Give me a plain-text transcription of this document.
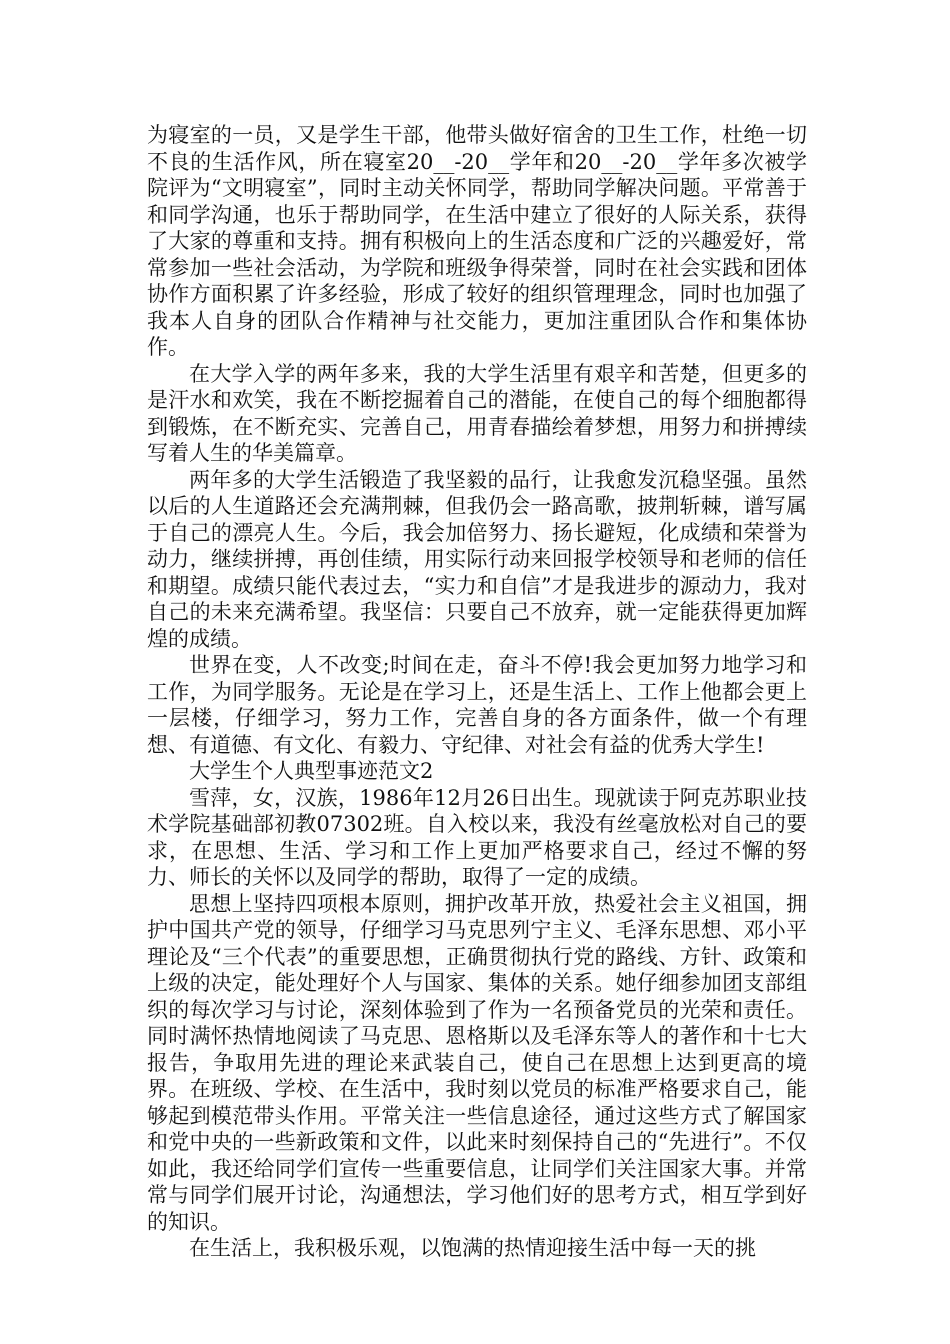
为寝室的一员，又是学生干部，他带头做好宿舍的卫生工作，杜绝一切不良的生活作风，所在寝室20__-20__学年和20__-20__学年多次被学院评为“文明寝室”，同时主动关怀同学，帮助同学解决问题。平常善于和同学沟通，也乐于帮助同学，在生活中建立了很好的人际关系，获得了大家的尊重和支持。拥有积极向上的生活态度和广泛的兴趣爱好，常常参加一些社会活动，为学院和班级争得荣誉，同时在社会实践和团体协作方面积累了许多经验，形成了较好的组织管理理念，同时也加强了我本人自身的团队合作精神与社交能力，更加注重团队合作和集体协作。

在大学入学的两年多来，我的大学生活里有艰辛和苦楚，但更多的是汗水和欢笑，我在不断挖掘着自己的潜能，在使自己的每个细胞都得到锻炼，在不断充实、完善自己，用青春描绘着梦想，用努力和拼搏续写着人生的华美篇章。

两年多的大学生活锻造了我坚毅的品行，让我愈发沉稳坚强。虽然以后的人生道路还会充满荆棘，但我仍会一路高歌，披荆斩棘，谱写属于自己的漂亮人生。今后，我会加倍努力、扬长避短，化成绩和荣誉为动力，继续拼搏，再创佳绩，用实际行动来回报学校领导和老师的信任和期望。成绩只能代表过去，“实力和自信”才是我进步的源动力，我对自己的未来充满希望。我坚信：只要自己不放弃，就一定能获得更加辉煌的成绩。

世界在变，人不改变;时间在走，奋斗不停!我会更加努力地学习和工作，为同学服务。无论是在学习上，还是生活上、工作上他都会更上一层楼，仔细学习，努力工作，完善自身的各方面条件，做一个有理想、有道德、有文化、有毅力、守纪律、对社会有益的优秀大学生!

大学生个人典型事迹范文2

雪萍，女，汉族，1986年12月26日出生。现就读于阿克苏职业技术学院基础部初教07302班。自入校以来，我没有丝毫放松对自己的要求，在思想、生活、学习和工作上更加严格要求自己，经过不懈的努力、师长的关怀以及同学的帮助，取得了一定的成绩。

思想上坚持四项根本原则，拥护改革开放，热爱社会主义祖国，拥护中国共产党的领导，仔细学习马克思列宁主义、毛泽东思想、邓小平理论及“三个代表”的重要思想，正确贯彻执行党的路线、方针、政策和上级的决定，能处理好个人与国家、集体的关系。她仔细参加团支部组织的每次学习与讨论，深刻体验到了作为一名预备党员的光荣和责任。同时满怀热情地阅读了马克思、恩格斯以及毛泽东等人的著作和十七大报告，争取用先进的理论来武装自己，使自己在思想上达到更高的境界。在班级、学校、在生活中，我时刻以党员的标准严格要求自己，能够起到模范带头作用。平常关注一些信息途径，通过这些方式了解国家和党中央的一些新政策和文件，以此来时刻保持自己的“先进行”。不仅如此，我还给同学们宣传一些重要信息，让同学们关注国家大事。并常常与同学们展开讨论，沟通想法，学习他们好的思考方式，相互学到好的知识。

在生活上，我积极乐观，以饱满的热情迎接生活中每一天的挑
